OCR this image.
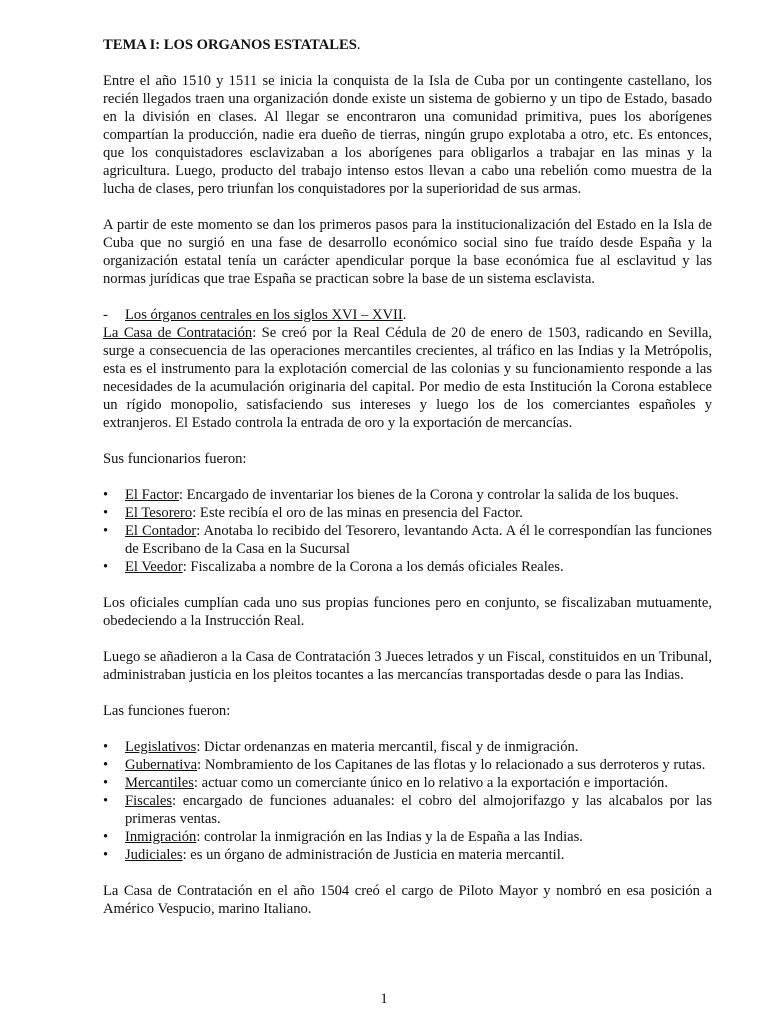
TEMA I: LOS ORGANOS ESTATALES.

Entre el año 1510 y 1511 se inicia la conquista de la Isla de Cuba por un contingente castellano, los recién llegados traen una organización donde existe un sistema de gobierno y un tipo de Estado, basado en la división en clases. Al llegar se encontraron una comunidad primitiva, pues los aborígenes compartían la producción, nadie era dueño de tierras, ningún grupo explotaba a otro, etc. Es entonces, que los conquistadores esclavizaban a los aborígenes para obligarlos a trabajar en las minas y la agricultura. Luego, producto del trabajo intenso estos llevan a cabo una rebelión como muestra de la lucha de clases, pero triunfan los conquistadores por la superioridad de sus armas.

A partir de este momento se dan los primeros pasos para la institucionalización del Estado en la Isla de Cuba que no surgió en una fase de desarrollo económico social sino fue traído desde España y la organización estatal tenía un carácter apendicular porque la base económica fue al esclavitud y las normas jurídicas que trae España se practican sobre la base de un sistema esclavista.

- Los órganos centrales en los siglos XVI – XVII.

La Casa de Contratación: Se creó por la Real Cédula de 20 de enero de 1503, radicando en Sevilla, surge a consecuencia de las operaciones mercantiles crecientes, al tráfico en las Indias y la Metrópolis, esta es el instrumento para la explotación comercial de las colonias y su funcionamiento responde a las necesidades de la acumulación originaria del capital. Por medio de esta Institución la Corona establece un rígido monopolio, satisfaciendo sus intereses y luego los de los comerciantes españoles y extranjeros. El Estado controla la entrada de oro y la exportación de mercancías.

Sus funcionarios fueron:

• El Factor: Encargado de inventariar los bienes de la Corona y controlar la salida de los buques.
• El Tesorero: Este recibía el oro de las minas en presencia del Factor.
• El Contador: Anotaba lo recibido del Tesorero, levantando Acta. A él le correspondían las funciones de Escribano de la Casa en la Sucursal
• El Veedor: Fiscalizaba a nombre de la Corona a los demás oficiales Reales.

Los oficiales cumplían cada uno sus propias funciones pero en conjunto, se fiscalizaban mutuamente, obedeciendo a la Instrucción Real.

Luego se añadieron a la Casa de Contratación 3 Jueces letrados y un Fiscal, constituidos en un Tribunal, administraban justicia en los pleitos tocantes a las mercancías transportadas desde o para las Indias.

Las funciones fueron:

• Legislativos: Dictar ordenanzas en materia mercantil, fiscal y de inmigración.
• Gubernativa: Nombramiento de los Capitanes de las flotas y lo relacionado a sus derroteros y rutas.
• Mercantiles: actuar como un comerciante único en lo relativo a la exportación e importación.
• Fiscales: encargado de funciones aduanales: el cobro del almojorifazgo y las alcabalos por las primeras ventas.
• Inmigración: controlar la inmigración en las Indias y la de España a las Indias.
• Judiciales: es un órgano de administración de Justicia en materia mercantil.

La Casa de Contratación en el año 1504 creó el cargo de Piloto Mayor y nombró en esa posición a Américo Vespucio, marino Italiano.

1
